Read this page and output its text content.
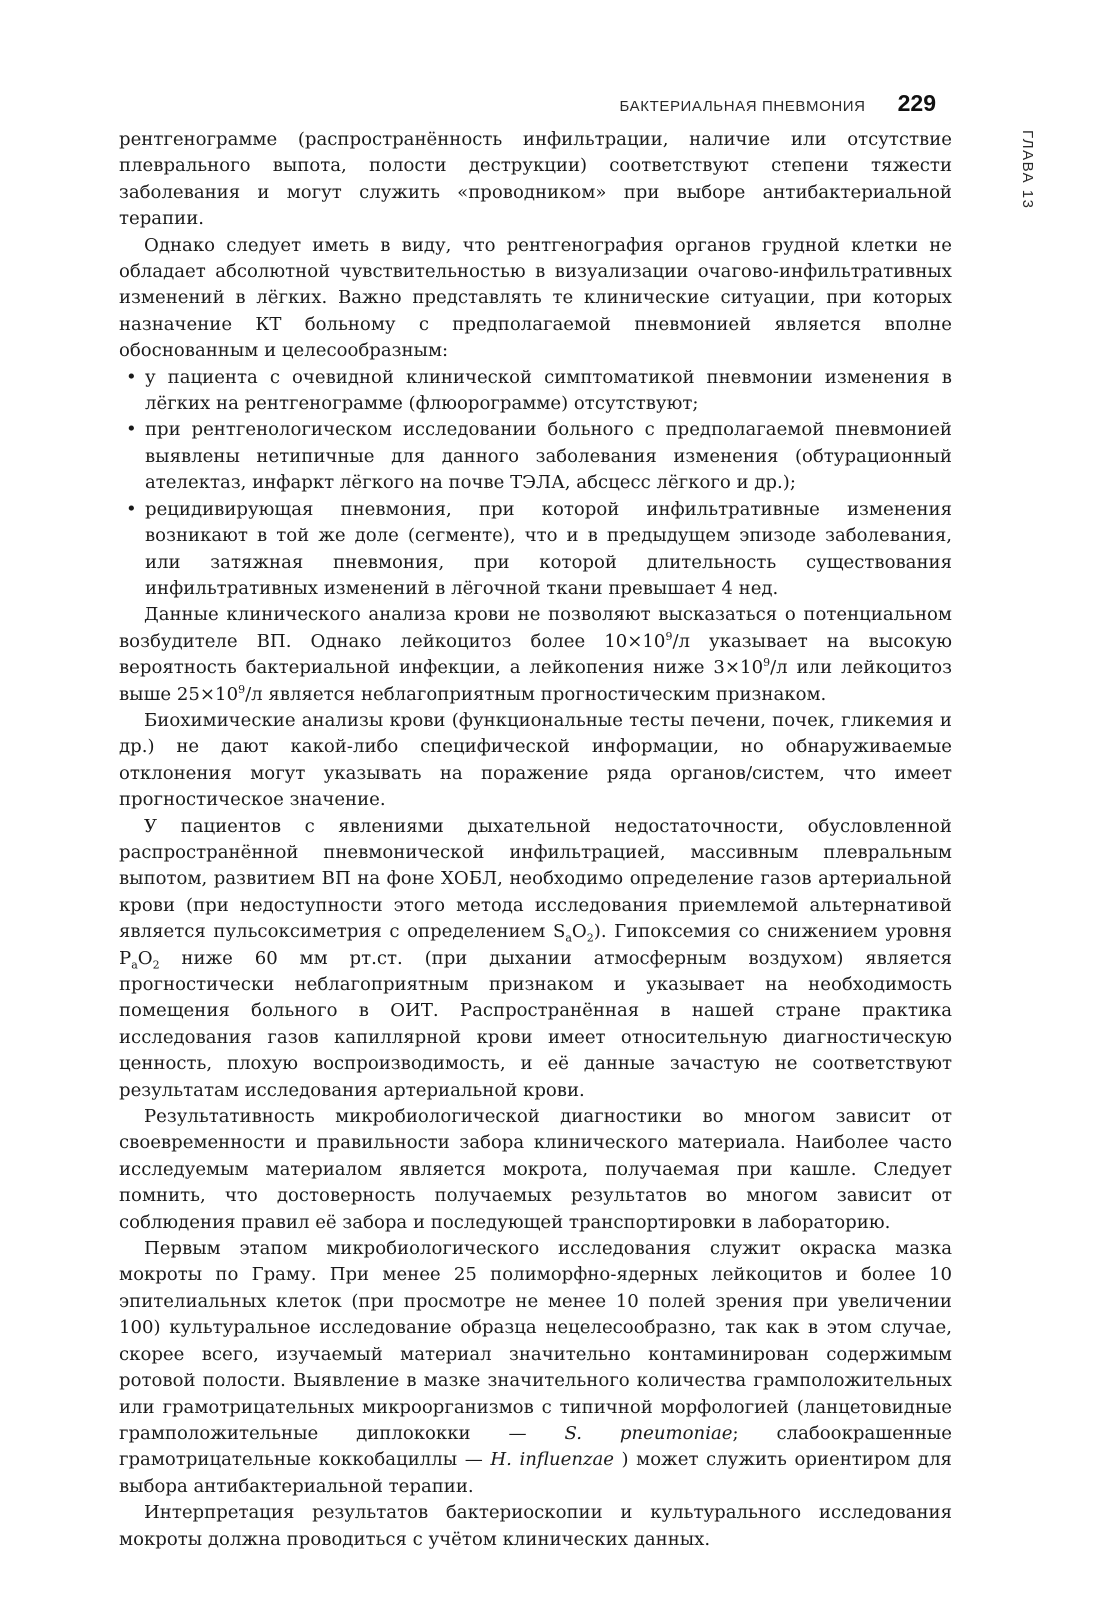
БАКТЕРИАЛЬНАЯ ПНЕВМОНИЯ 229
ГЛАВА 13

рентгенограмме (распространённость инфильтрации, наличие или отсутствие плеврального выпота, полости деструкции) соответствуют степени тяжести заболевания и могут служить «проводником» при выборе антибактериальной терапии.

Однако следует иметь в виду, что рентгенография органов грудной клетки не обладает абсолютной чувствительностью в визуализации очагово-инфильтративных изменений в лёгких. Важно представлять те клинические ситуации, при которых назначение КТ больному с предполагаемой пневмонией является вполне обоснованным и целесообразным:

• у пациента с очевидной клинической симптоматикой пневмонии изменения в лёгких на рентгенограмме (флюорограмме) отсутствуют;
• при рентгенологическом исследовании больного с предполагаемой пневмонией выявлены нетипичные для данного заболевания изменения (обтурационный ателектаз, инфаркт лёгкого на почве ТЭЛА, абсцесс лёгкого и др.);
• рецидивирующая пневмония, при которой инфильтративные изменения возникают в той же доле (сегменте), что и в предыдущем эпизоде заболевания, или затяжная пневмония, при которой длительность существования инфильтративных изменений в лёгочной ткани превышает 4 нед.

Данные клинического анализа крови не позволяют высказаться о потенциальном возбудителе ВП. Однако лейкоцитоз более $10\times 10^9/л$ указывает на высокую вероятность бактериальной инфекции, а лейкопения ниже $3\times 10^9/л$ или лейкоцитоз выше $25\times 10^9/л$ является неблагоприятным прогностическим признаком.

Биохимические анализы крови (функциональные тесты печени, почек, гликемия и др.) не дают какой-либо специфической информации, но обнаруживаемые отклонения могут указывать на поражение ряда органов/систем, что имеет прогностическое значение.

У пациентов с явлениями дыхательной недостаточности, обусловленной распространённой пневмонической инфильтрацией, массивным плевральным выпотом, развитием ВП на фоне ХОБЛ, необходимо определение газов артериальной крови (при недоступности этого метода исследования приемлемой альтернативой является пульсоксиметрия с определением $S_aO_2$). Гипоксемия со снижением уровня $P_aO_2$ ниже 60 мм рт.ст. (при дыхании атмосферным воздухом) является прогностически неблагоприятным признаком и указывает на необходимость помещения больного в ОИТ. Распространённая в нашей стране практика исследования газов капиллярной крови имеет относительную диагностическую ценность, плохую воспроизводимость, и её данные зачастую не соответствуют результатам исследования артериальной крови.

Результативность микробиологической диагностики во многом зависит от своевременности и правильности забора клинического материала. Наиболее часто исследуемым материалом является мокрота, получаемая при кашле. Следует помнить, что достоверность получаемых результатов во многом зависит от соблюдения правил её забора и последующей транспортировки в лабораторию.

Первым этапом микробиологического исследования служит окраска мазка мокроты по Граму. При менее 25 полиморфно-ядерных лейкоцитов и более 10 эпителиальных клеток (при просмотре не менее 10 полей зрения при увеличении 100) культуральное исследование образца нецелесообразно, так как в этом случае, скорее всего, изучаемый материал значительно контаминирован содержимым ротовой полости. Выявление в мазке значительного количества грамположительных или грамотрицательных микроорганизмов с типичной морфологией (ланцетовидные грамположительные диплококки — S. pneumoniae; слабоокрашенные грамотрицательные коккобациллы — H. influenzae ) может служить ориентиром для выбора антибактериальной терапии.

Интерпретация результатов бактериоскопии и культурального исследования мокроты должна проводиться с учётом клинических данных.
